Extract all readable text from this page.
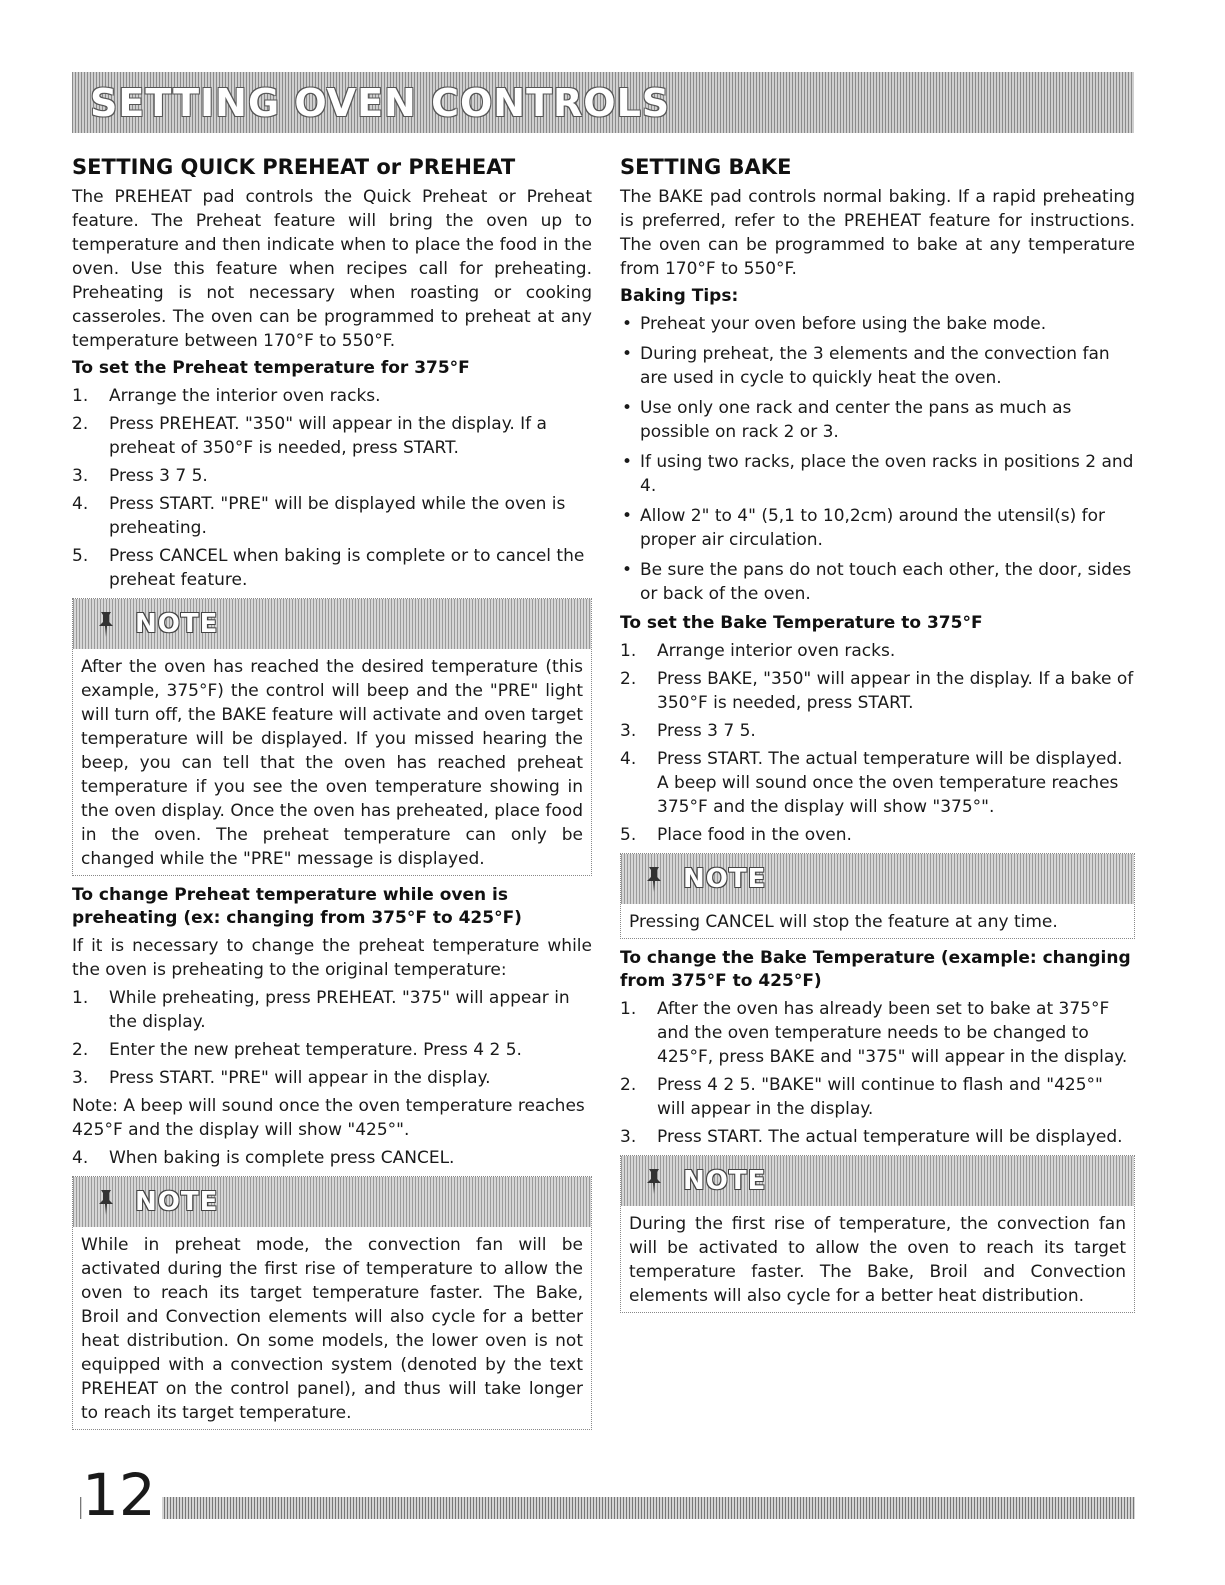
SETTING OVEN CONTROLS
SETTING QUICK PREHEAT or PREHEAT

The PREHEAT pad controls the Quick Preheat or Preheat feature. The Preheat feature will bring the oven up to temperature and then indicate when to place the food in the oven. Use this feature when recipes call for preheating. Preheating is not necessary when roasting or cooking casseroles. The oven can be programmed to preheat at any temperature between 170°F to 550°F.

To set the Preheat temperature for 375°F
1. Arrange the interior oven racks.
2. Press PREHEAT. "350" will appear in the display. If a preheat of 350°F is needed, press START.
3. Press 3 7 5.
4. Press START. "PRE" will be displayed while the oven is preheating.
5. Press CANCEL when baking is complete or to cancel the preheat feature.
NOTE
After the oven has reached the desired temperature (this example, 375°F) the control will beep and the "PRE" light will turn off, the BAKE feature will activate and oven target temperature will be displayed. If you missed hearing the beep, you can tell that the oven has reached preheat temperature if you see the oven temperature showing in the oven display. Once the oven has preheated, place food in the oven. The preheat temperature can only be changed while the "PRE" message is displayed.
To change Preheat temperature while oven is preheating (ex: changing from 375°F to 425°F)

If it is necessary to change the preheat temperature while the oven is preheating to the original temperature:

1. While preheating, press PREHEAT. "375" will appear in the display.
2. Enter the new preheat temperature. Press 4 2 5.
3. Press START. "PRE" will appear in the display.

Note: A beep will sound once the oven temperature reaches 425°F and the display will show "425°".

4. When baking is complete press CANCEL.
NOTE
While in preheat mode, the convection fan will be activated during the first rise of temperature to allow the oven to reach its target temperature faster. The Bake, Broil and Convection elements will also cycle for a better heat distribution. On some models, the lower oven is not equipped with a convection system (denoted by the text PREHEAT on the control panel), and thus will take longer to reach its target temperature.
SETTING BAKE

The BAKE pad controls normal baking. If a rapid preheating is preferred, refer to the PREHEAT feature for instructions. The oven can be programmed to bake at any temperature from 170°F to 550°F.

Baking Tips:
• Preheat your oven before using the bake mode.
• During preheat, the 3 elements and the convection fan are used in cycle to quickly heat the oven.
• Use only one rack and center the pans as much as possible on rack 2 or 3.
• If using two racks, place the oven racks in positions 2 and 4.
• Allow 2" to 4" (5,1 to 10,2cm) around the utensil(s) for proper air circulation.
• Be sure the pans do not touch each other, the door, sides or back of the oven.
To set the Bake Temperature to 375°F
1. Arrange interior oven racks.
2. Press BAKE, "350" will appear in the display. If a bake of 350°F is needed, press START.
3. Press 3 7 5.
4. Press START. The actual temperature will be displayed. A beep will sound once the oven temperature reaches 375°F and the display will show "375°".
5. Place food in the oven.
NOTE
Pressing CANCEL will stop the feature at any time.
To change the Bake Temperature (example: changing from 375°F to 425°F)
1. After the oven has already been set to bake at 375°F and the oven temperature needs to be changed to 425°F, press BAKE and "375" will appear in the display.
2. Press 4 2 5. "BAKE" will continue to flash and "425°" will appear in the display.
3. Press START. The actual temperature will be displayed.
NOTE
During the first rise of temperature, the convection fan will be activated to allow the oven to reach its target temperature faster. The Bake, Broil and Convection elements will also cycle for a better heat distribution.
12
